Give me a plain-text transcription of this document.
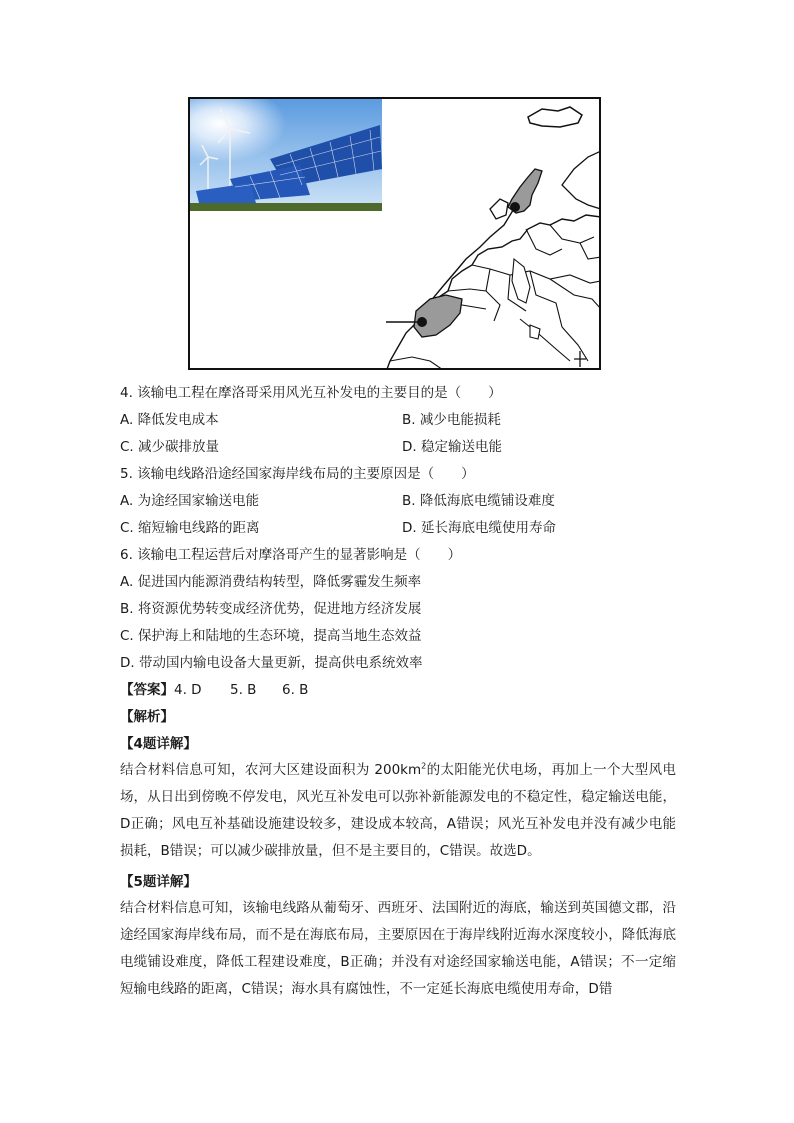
4. 该输电工程在摩洛哥采用风光互补发电的主要目的是（　　）
A. 降低发电成本	B. 减少电能损耗
C. 减少碳排放量	D. 稳定输送电能
5. 该输电线路沿途经国家海岸线布局的主要原因是（　　）
A. 为途经国家输送电能	B. 降低海底电缆铺设难度
C. 缩短输电线路的距离	D. 延长海底电缆使用寿命
6. 该输电工程运营后对摩洛哥产生的显著影响是（　　）
A. 促进国内能源消费结构转型，降低雾霾发生频率
B. 将资源优势转变成经济优势，促进地方经济发展
C. 保护海上和陆地的生态环境，提高当地生态效益
D. 带动国内输电设备大量更新，提高供电系统效率
【答案】4. D 5. B 6. B
【解析】
【4题详解】
结合材料信息可知，农河大区建设面积为 $200km^2$的太阳能光伏电场，再加上一个大型风电场，从日出到傍晚不停发电，风光互补发电可以弥补新能源发电的不稳定性，稳定输送电能，D正确；风电互补基础设施建设较多，建设成本较高，A错误；风光互补发电并没有减少电能损耗，B错误；可以减少碳排放量，但不是主要目的，C错误。故选D。
【5题详解】
结合材料信息可知，该输电线路从葡萄牙、西班牙、法国附近的海底，输送到英国德文郡，沿途经国家海岸线布局，而不是在海底布局，主要原因在于海岸线附近海水深度较小，降低海底电缆铺设难度，降低工程建设难度，B正确；并没有对途经国家输送电能，A错误；不一定缩短输电线路的距离，C错误；海水具有腐蚀性，不一定延长海底电缆使用寿命，D错
